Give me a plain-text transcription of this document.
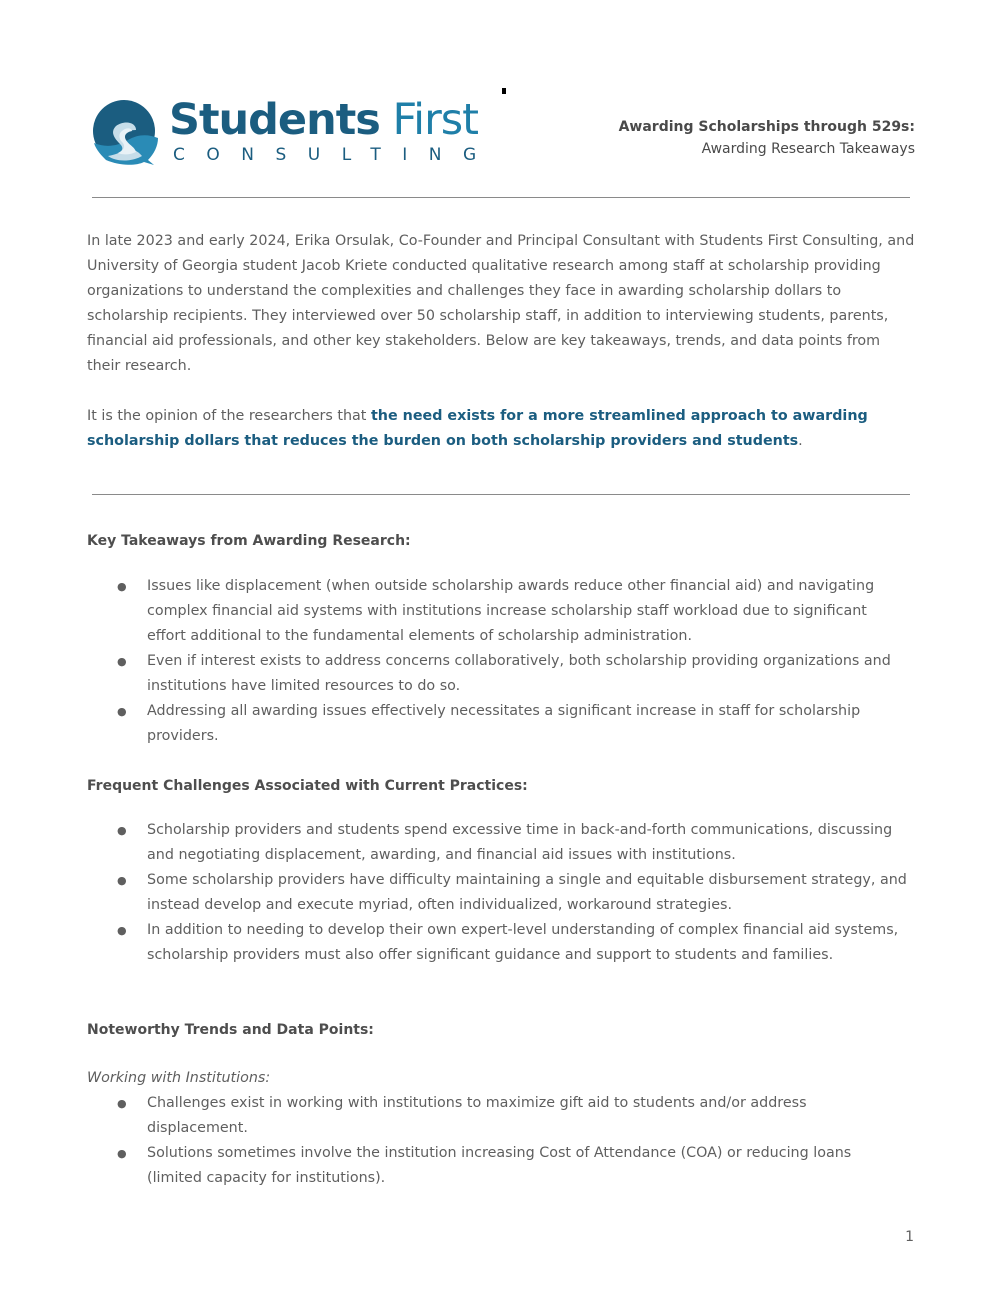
Students First
CONSULTING
Awarding Scholarships through 529s:
Awarding Research Takeaways
In late 2023 and early 2024, Erika Orsulak, Co-Founder and Principal Consultant with Students First Consulting, and University of Georgia student Jacob Kriete conducted qualitative research among staff at scholarship providing organizations to understand the complexities and challenges they face in awarding scholarship dollars to scholarship recipients. They interviewed over 50 scholarship staff, in addition to interviewing students, parents, financial aid professionals, and other key stakeholders. Below are key takeaways, trends, and data points from their research.
It is the opinion of the researchers that the need exists for a more streamlined approach to awarding scholarship dollars that reduces the burden on both scholarship providers and students.
Key Takeaways from Awarding Research:
● Issues like displacement (when outside scholarship awards reduce other financial aid) and navigating complex financial aid systems with institutions increase scholarship staff workload due to significant effort additional to the fundamental elements of scholarship administration.
● Even if interest exists to address concerns collaboratively, both scholarship providing organizations and institutions have limited resources to do so.
● Addressing all awarding issues effectively necessitates a significant increase in staff for scholarship providers.
Frequent Challenges Associated with Current Practices:
● Scholarship providers and students spend excessive time in back-and-forth communications, discussing and negotiating displacement, awarding, and financial aid issues with institutions.
● Some scholarship providers have difficulty maintaining a single and equitable disbursement strategy, and instead develop and execute myriad, often individualized, workaround strategies.
● In addition to needing to develop their own expert-level understanding of complex financial aid systems, scholarship providers must also offer significant guidance and support to students and families.
Noteworthy Trends and Data Points:
Working with Institutions:
● Challenges exist in working with institutions to maximize gift aid to students and/or address displacement.
● Solutions sometimes involve the institution increasing Cost of Attendance (COA) or reducing loans (limited capacity for institutions).
1
